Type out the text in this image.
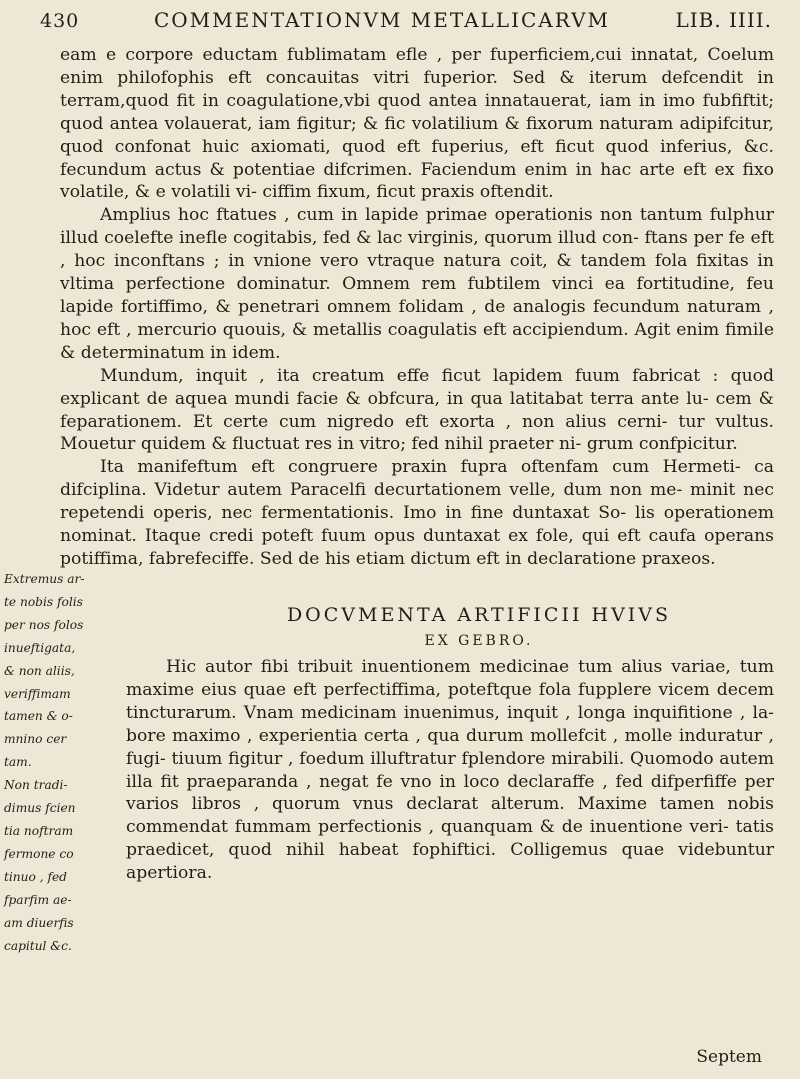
430	COMMENTATIONVM METALLICARVM	LIB. IIII.

eam e corpore eductam fublimatam efle , per fuperficiem,cui innatat, Coelum enim philofophis eft concauitas vitri fuperior. Sed & iterum defcendit in terram,quod fit in coagulatione,vbi quod antea innatauerat, iam in imo fubfiftit; quod antea volauerat, iam figitur; & fic volatilium & fixorum naturam adipifcitur, quod confonat huic axiomati, quod eft fuperius, eft ficut quod inferius, &c. fecundum actus & potentiae difcrimen. Faciendum enim in hac arte eft ex fixo volatile, & e volatili vi- ciffim fixum, ficut praxis oftendit.

Amplius hoc ftatues , cum in lapide primae operationis non tantum fulphur illud coelefte inefle cogitabis, fed & lac virginis, quorum illud con- ftans per fe eft , hoc inconftans ; in vnione vero vtraque natura coit, & tandem fola fixitas in vltima perfectione dominatur. Omnem rem fubtilem vinci ea fortitudine, feu lapide fortiffimo, & penetrari omnem folidam , de analogis fecundum naturam , hoc eft , mercurio quouis, & metallis coagulatis eft accipiendum. Agit enim fimile & determinatum in idem.

Mundum, inquit , ita creatum effe ficut lapidem fuum fabricat : quod explicant de aquea mundi facie & obfcura, in qua latitabat terra ante lu- cem & feparationem. Et certe cum nigredo eft exorta , non alius cerni- tur vultus. Mouetur quidem & fluctuat res in vitro; fed nihil praeter ni- grum confpicitur.

Ita manifeftum eft congruere praxin fupra oftenfam cum Hermeti- ca difciplina. Videtur autem Paracelfi decurtationem velle, dum non me- minit nec repetendi operis, nec fermentationis. Imo in fine duntaxat So- lis operationem nominat. Itaque credi poteft fuum opus duntaxat ex fole, qui eft caufa operans potiffima, fabrefeciffe. Sed de his etiam dictum eft in declaratione praxeos.

DOCVMENTA ARTIFICII HVIVS
EX GEBRO.

Hic autor fibi tribuit inuentionem medicinae tum alius variae, tum maxime eius quae eft perfectiffima, poteftque fola fupplere vicem decem tincturarum. Vnam medicinam inuenimus, inquit , longa inquifitione , la- bore maximo , experientia certa , qua durum mollefcit , molle induratur , fugi- tiuum figitur , foedum illuftratur fplendore mirabili. Quomodo autem illa fit praeparanda , negat fe vno in loco declaraffe , fed difperfiffe per varios libros , quorum vnus declarat alterum. Maxime tamen nobis commendat fummam perfectionis , quanquam & de inuentione veri- tatis praedicet, quod nihil habeat fophiftici. Colligemus quae videbuntur apertiora.

Extremus ar-
te nobis folis
per nos folos
inueftigata,
& non aliis,
veriffimam
tamen & o-
mnino cer
tam.
Non tradi-
dimus fcien
tia noftram
fermone co
tinuo , fed
fparfim ae-
am diuerfis
capitul &c.
Septem
